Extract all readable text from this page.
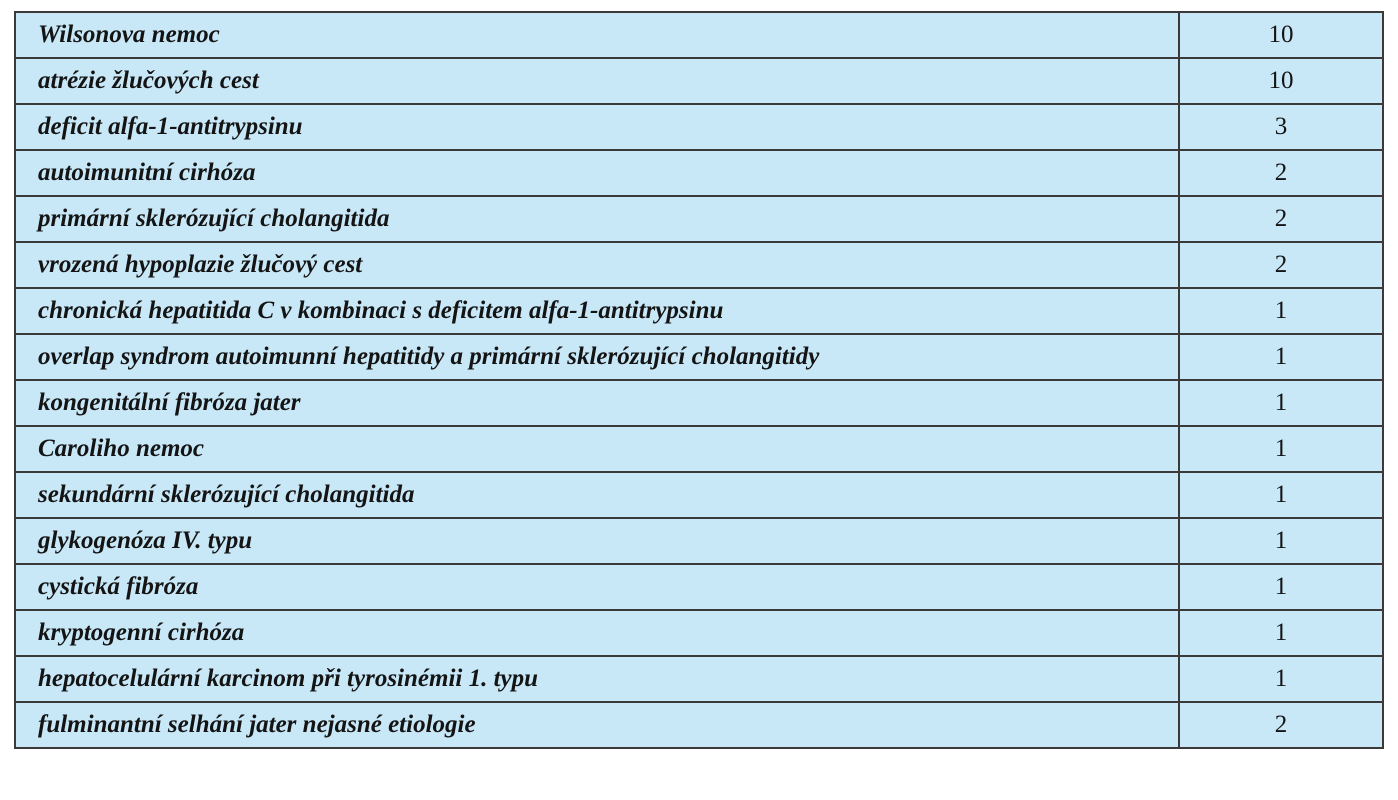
Wilsonova nemoc	10
atrézie žlučových cest	10
deficit alfa-1-antitrypsinu	3
autoimunitní cirhóza	2
primární sklerózující cholangitida	2
vrozená hypoplazie žlučový cest	2
chronická hepatitida C v kombinaci s deficitem alfa-1-antitrypsinu	1
overlap syndrom autoimunní hepatitidy a primární sklerózující cholangitidy	1
kongenitální fibróza jater	1
Caroliho nemoc	1
sekundární sklerózující cholangitida	1
glykogenóza IV. typu	1
cystická fibróza	1
kryptogenní cirhóza	1
hepatocelulární karcinom při tyrosinémii 1. typu	1
fulminantní selhání jater nejasné etiologie	2
